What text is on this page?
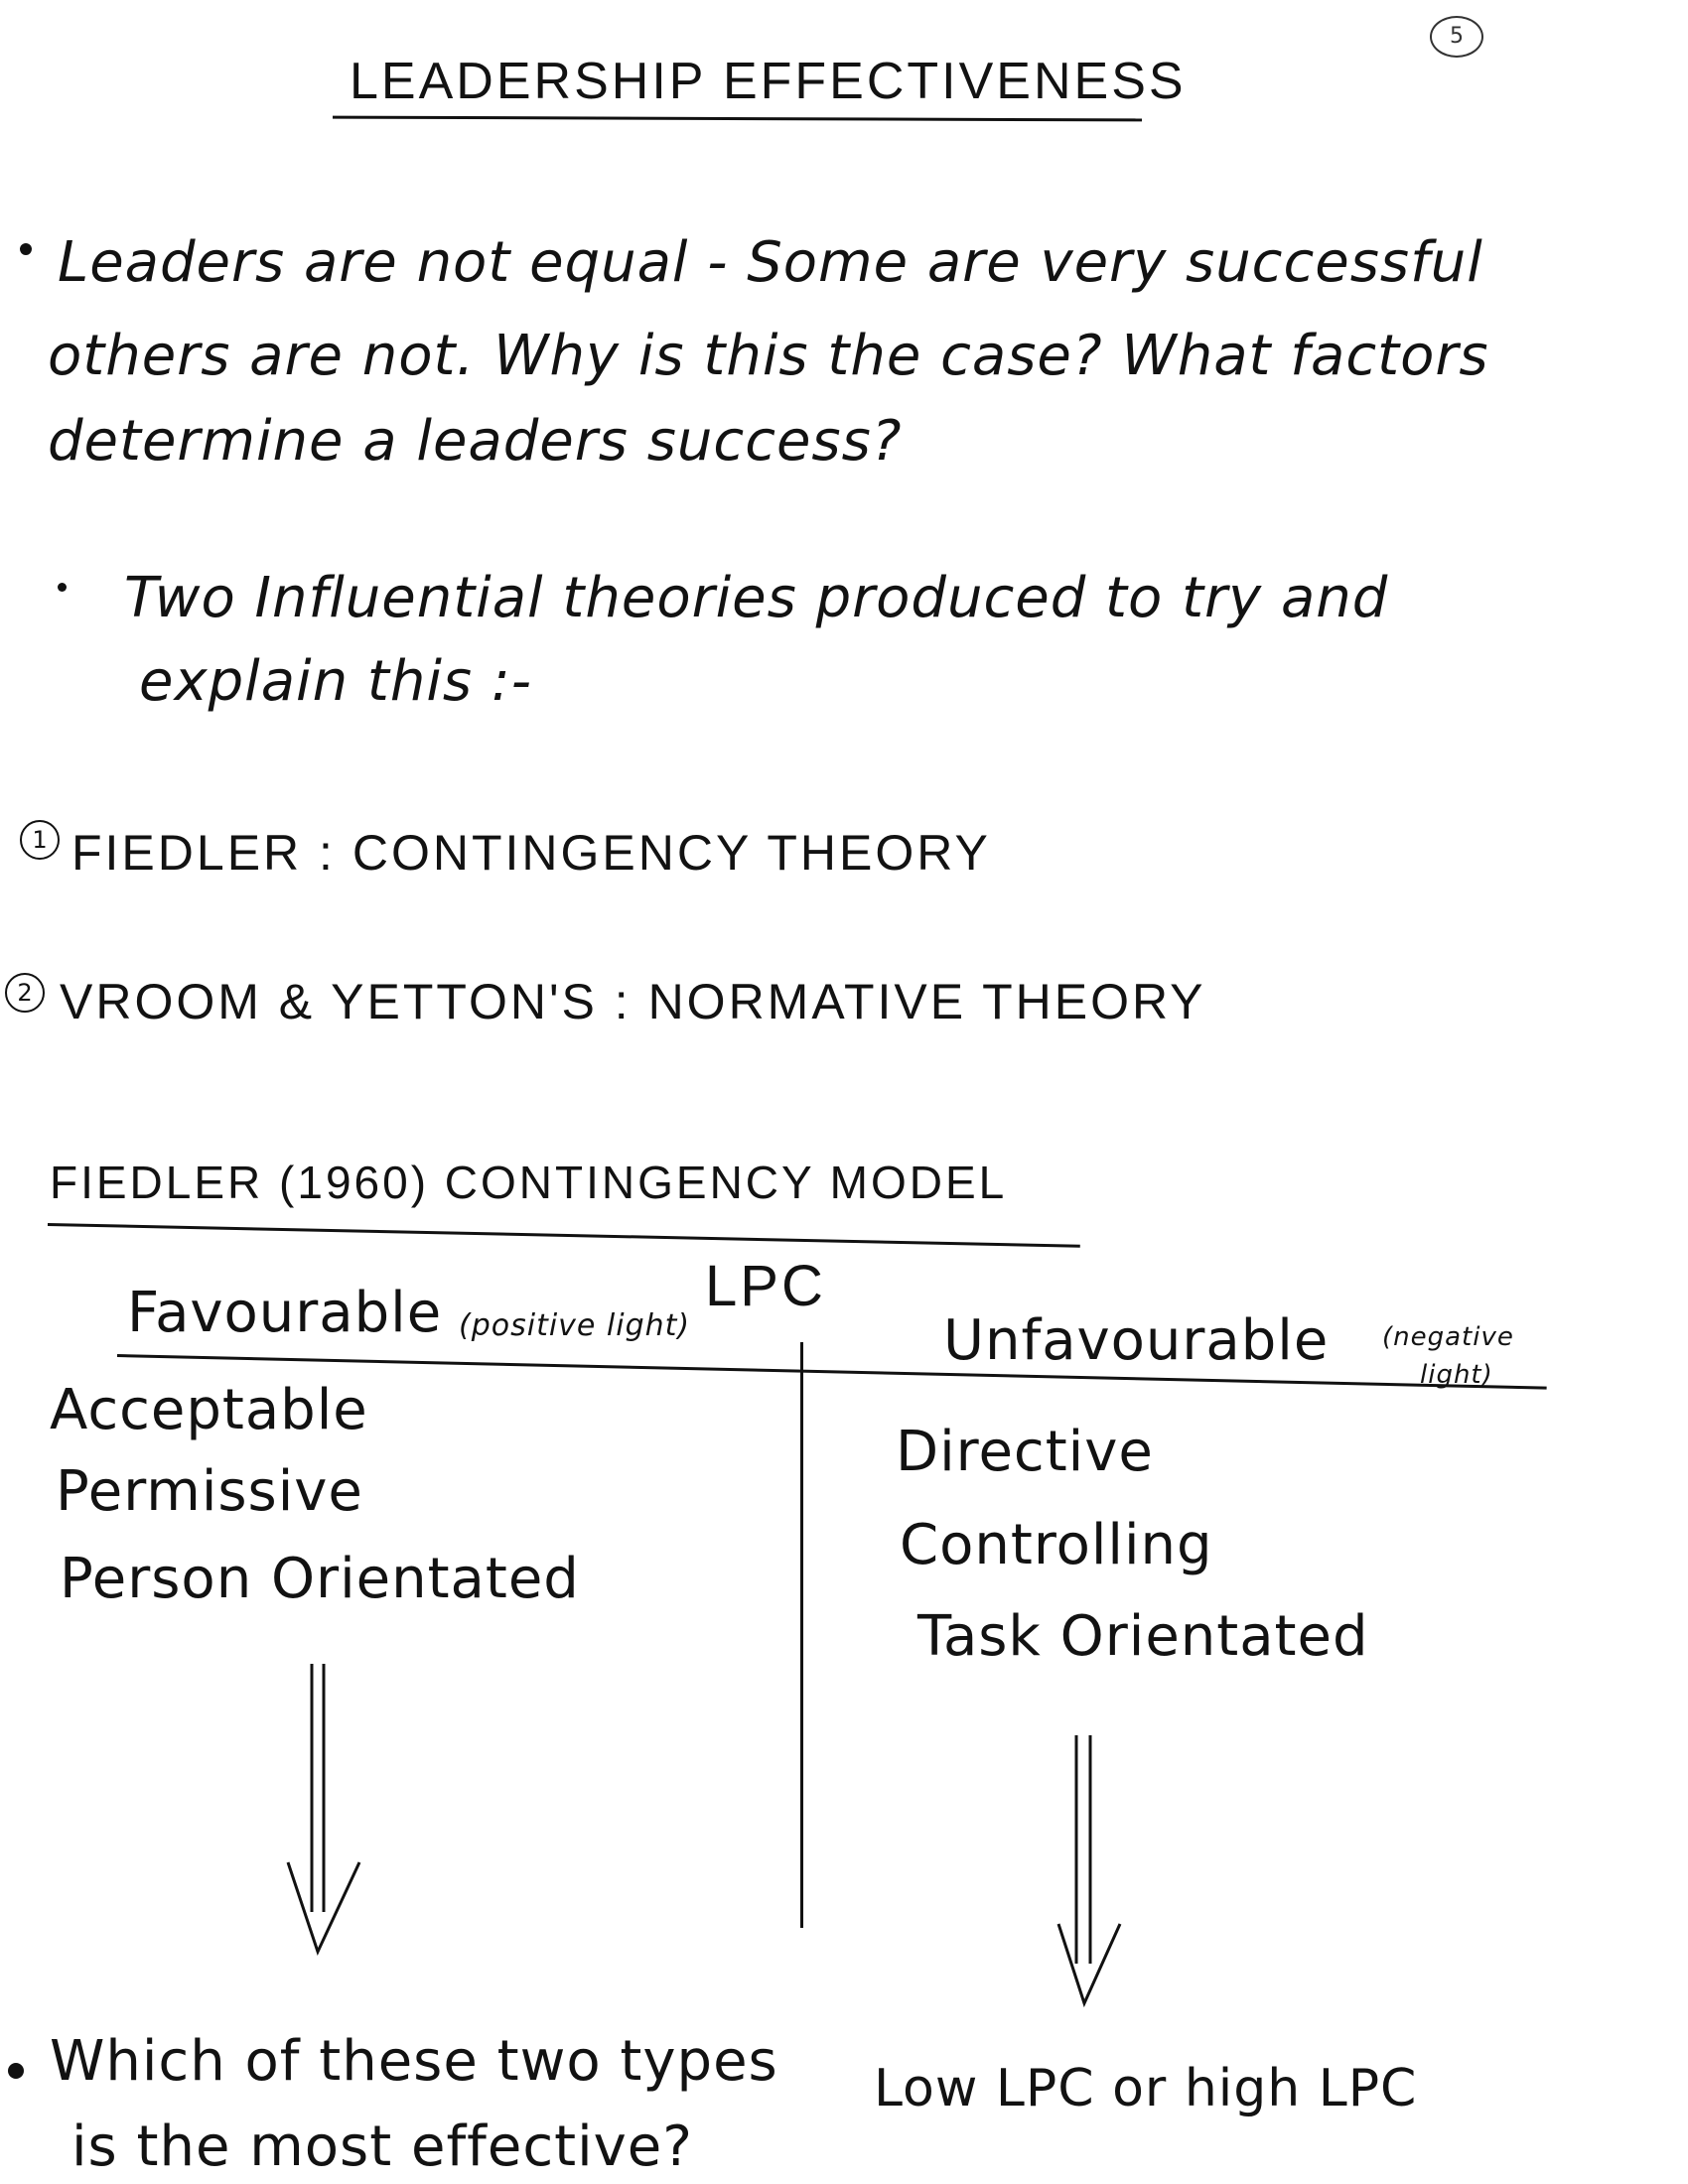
5
LEADERSHIP EFFECTIVENESS
Leaders are not equal - Some are very successful
others are not. Why is this the case? What factors
determine a leaders success?
Two Influential theories produced to try and
explain this :-
1 FIEDLER : CONTINGENCY THEORY
2 VROOM & YETTON'S : NORMATIVE THEORY
FIEDLER (1960) CONTINGENCY MODEL
LPC
Favourable (positive light)	Unfavourable (negative
light)
Acceptable
Permissive
Person Orientated
Directive
Controlling
Task Orientated
Which of these two types
is the most effective?
Low LPC or high LPC
